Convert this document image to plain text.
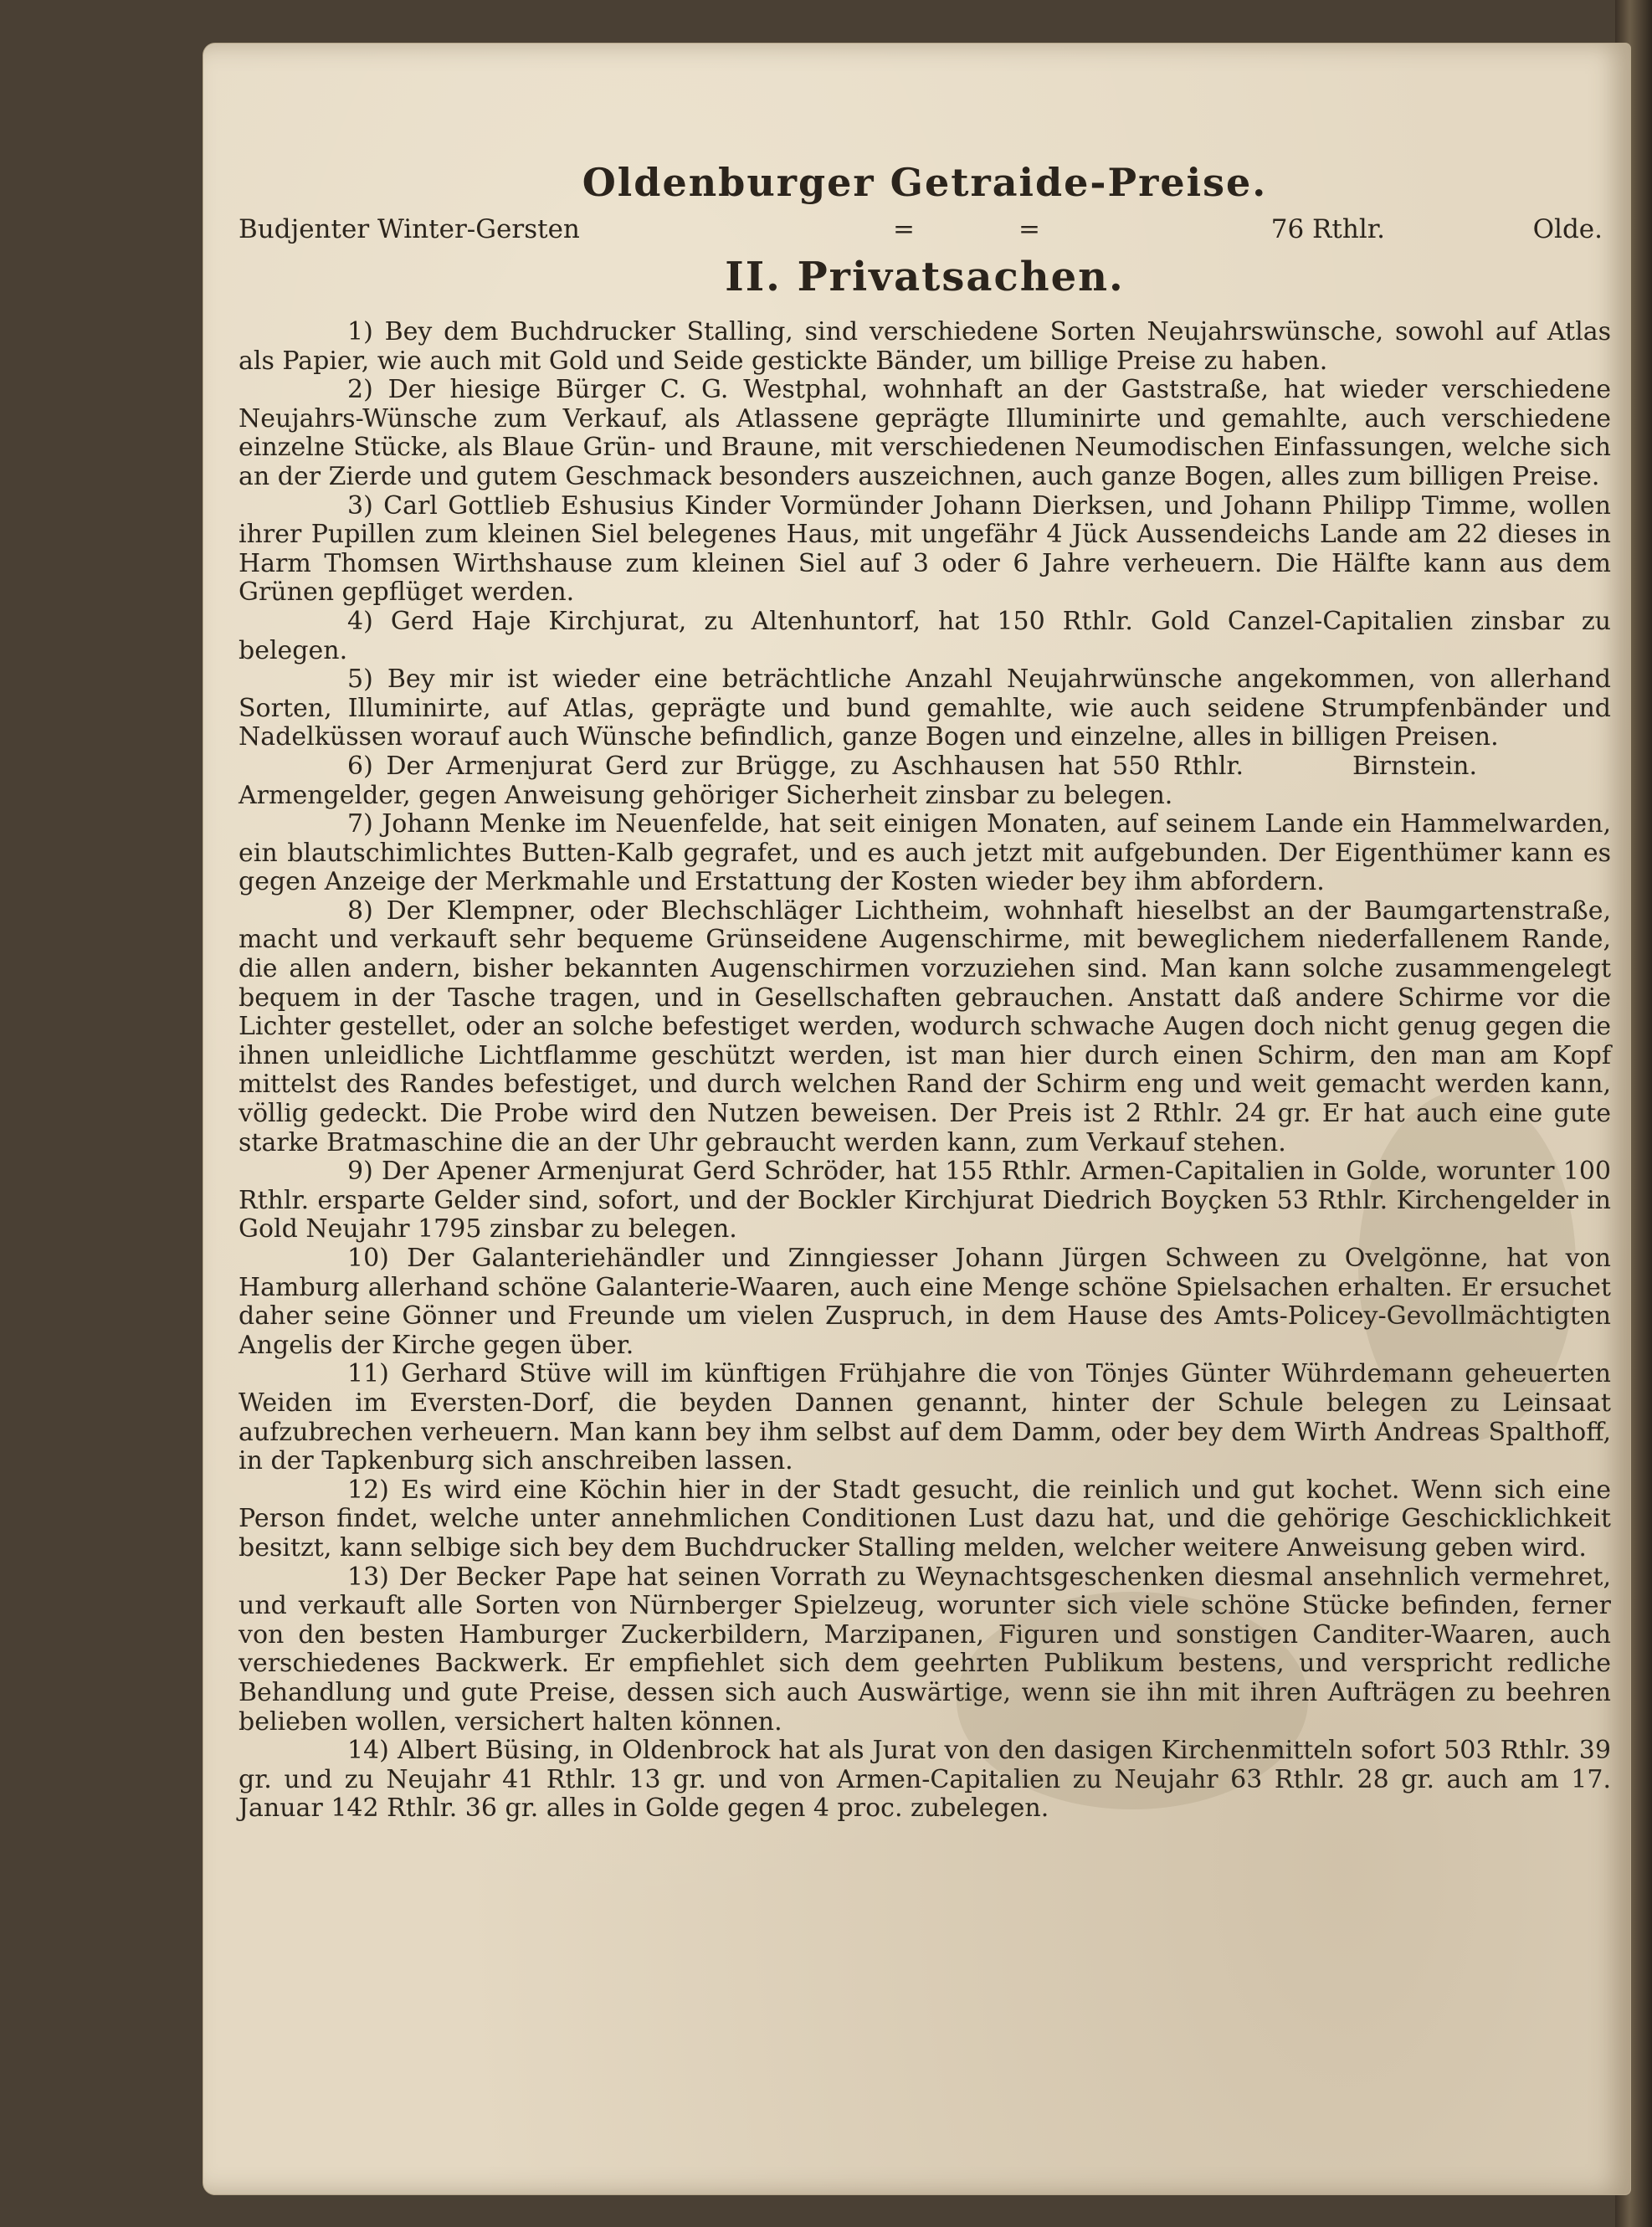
Oldenburger Getraide-Preise.
Budjenter Winter-Gersten	=	=	76 Rthlr.	Olde.
II. Privatsachen.

1) Bey dem Buchdrucker Stalling, sind verschiedene Sorten Neujahrswünsche, sowohl auf Atlas als Papier, wie auch mit Gold und Seide gestickte Bänder, um billige Preise zu haben.

2) Der hiesige Bürger C. G. Westphal, wohnhaft an der Gaststraße, hat wieder verschiedene Neujahrs-Wünsche zum Verkauf, als Atlassene geprägte Illuminirte und gemahlte, auch verschiedene einzelne Stücke, als Blaue Grün- und Braune, mit verschiedenen Neumodischen Einfassungen, welche sich an der Zierde und gutem Geschmack besonders auszeichnen, auch ganze Bogen, alles zum billigen Preise.

3) Carl Gottlieb Eshusius Kinder Vormünder Johann Dierksen, und Johann Philipp Timme, wollen ihrer Pupillen zum kleinen Siel belegenes Haus, mit ungefähr 4 Jück Aussendeichs Lande am 22 dieses in Harm Thomsen Wirthshause zum kleinen Siel auf 3 oder 6 Jahre verheuern. Die Hälfte kann aus dem Grünen gepflüget werden.

4) Gerd Haje Kirchjurat, zu Altenhuntorf, hat 150 Rthlr. Gold Canzel-Capitalien zinsbar zu belegen.

5) Bey mir ist wieder eine beträchtliche Anzahl Neujahrwünsche angekommen, von allerhand Sorten, Illuminirte, auf Atlas, geprägte und bund gemahlte, wie auch seidene Strumpfenbänder und Nadelküssen worauf auch Wünsche befindlich, ganze Bogen und einzelne, alles in billigen Preisen.
Birnstein.

6) Der Armenjurat Gerd zur Brügge, zu Aschhausen hat 550 Rthlr. Armengelder, gegen Anweisung gehöriger Sicherheit zinsbar zu belegen.

7) Johann Menke im Neuenfelde, hat seit einigen Monaten, auf seinem Lande ein Hammelwarden, ein blautschimlichtes Butten-Kalb gegrafet, und es auch jetzt mit aufgebunden. Der Eigenthümer kann es gegen Anzeige der Merkmahle und Erstattung der Kosten wieder bey ihm abfordern.

8) Der Klempner, oder Blechschläger Lichtheim, wohnhaft hieselbst an der Baumgartenstraße, macht und verkauft sehr bequeme Grünseidene Augenschirme, mit beweglichem niederfallenem Rande, die allen andern, bisher bekannten Augenschirmen vorzuziehen sind. Man kann solche zusammengelegt bequem in der Tasche tragen, und in Gesellschaften gebrauchen. Anstatt daß andere Schirme vor die Lichter gestellet, oder an solche befestiget werden, wodurch schwache Augen doch nicht genug gegen die ihnen unleidliche Lichtflamme geschützt werden, ist man hier durch einen Schirm, den man am Kopf mittelst des Randes befestiget, und durch welchen Rand der Schirm eng und weit gemacht werden kann, völlig gedeckt. Die Probe wird den Nutzen beweisen. Der Preis ist 2 Rthlr. 24 gr. Er hat auch eine gute starke Bratmaschine die an der Uhr gebraucht werden kann, zum Verkauf stehen.

9) Der Apener Armenjurat Gerd Schröder, hat 155 Rthlr. Armen-Capitalien in Golde, worunter 100 Rthlr. ersparte Gelder sind, sofort, und der Bockler Kirchjurat Diedrich Boyçken 53 Rthlr. Kirchengelder in Gold Neujahr 1795 zinsbar zu belegen.

10) Der Galanteriehändler und Zinngiesser Johann Jürgen Schween zu Ovelgönne, hat von Hamburg allerhand schöne Galanterie-Waaren, auch eine Menge schöne Spielsachen erhalten. Er ersuchet daher seine Gönner und Freunde um vielen Zuspruch, in dem Hause des Amts-Policey-Gevollmächtigten Angelis der Kirche gegen über.

11) Gerhard Stüve will im künftigen Frühjahre die von Tönjes Günter Wührdemann geheuerten Weiden im Eversten-Dorf, die beyden Dannen genannt, hinter der Schule belegen zu Leinsaat aufzubrechen verheuern. Man kann bey ihm selbst auf dem Damm, oder bey dem Wirth Andreas Spalthoff, in der Tapkenburg sich anschreiben lassen.

12) Es wird eine Köchin hier in der Stadt gesucht, die reinlich und gut kochet. Wenn sich eine Person findet, welche unter annehmlichen Conditionen Lust dazu hat, und die gehörige Geschicklichkeit besitzt, kann selbige sich bey dem Buchdrucker Stalling melden, welcher weitere Anweisung geben wird.

13) Der Becker Pape hat seinen Vorrath zu Weynachtsgeschenken diesmal ansehnlich vermehret, und verkauft alle Sorten von Nürnberger Spielzeug, worunter sich viele schöne Stücke befinden, ferner von den besten Hamburger Zuckerbildern, Marzipanen, Figuren und sonstigen Canditer-Waaren, auch verschiedenes Backwerk. Er empfiehlet sich dem geehrten Publikum bestens, und verspricht redliche Behandlung und gute Preise, dessen sich auch Auswärtige, wenn sie ihn mit ihren Aufträgen zu beehren belieben wollen, versichert halten können.

14) Albert Büsing, in Oldenbrock hat als Jurat von den dasigen Kirchenmitteln sofort 503 Rthlr. 39 gr. und zu Neujahr 41 Rthlr. 13 gr. und von Armen-Capitalien zu Neujahr 63 Rthlr. 28 gr. auch am 17. Januar 142 Rthlr. 36 gr. alles in Golde gegen 4 proc. zubelegen.
